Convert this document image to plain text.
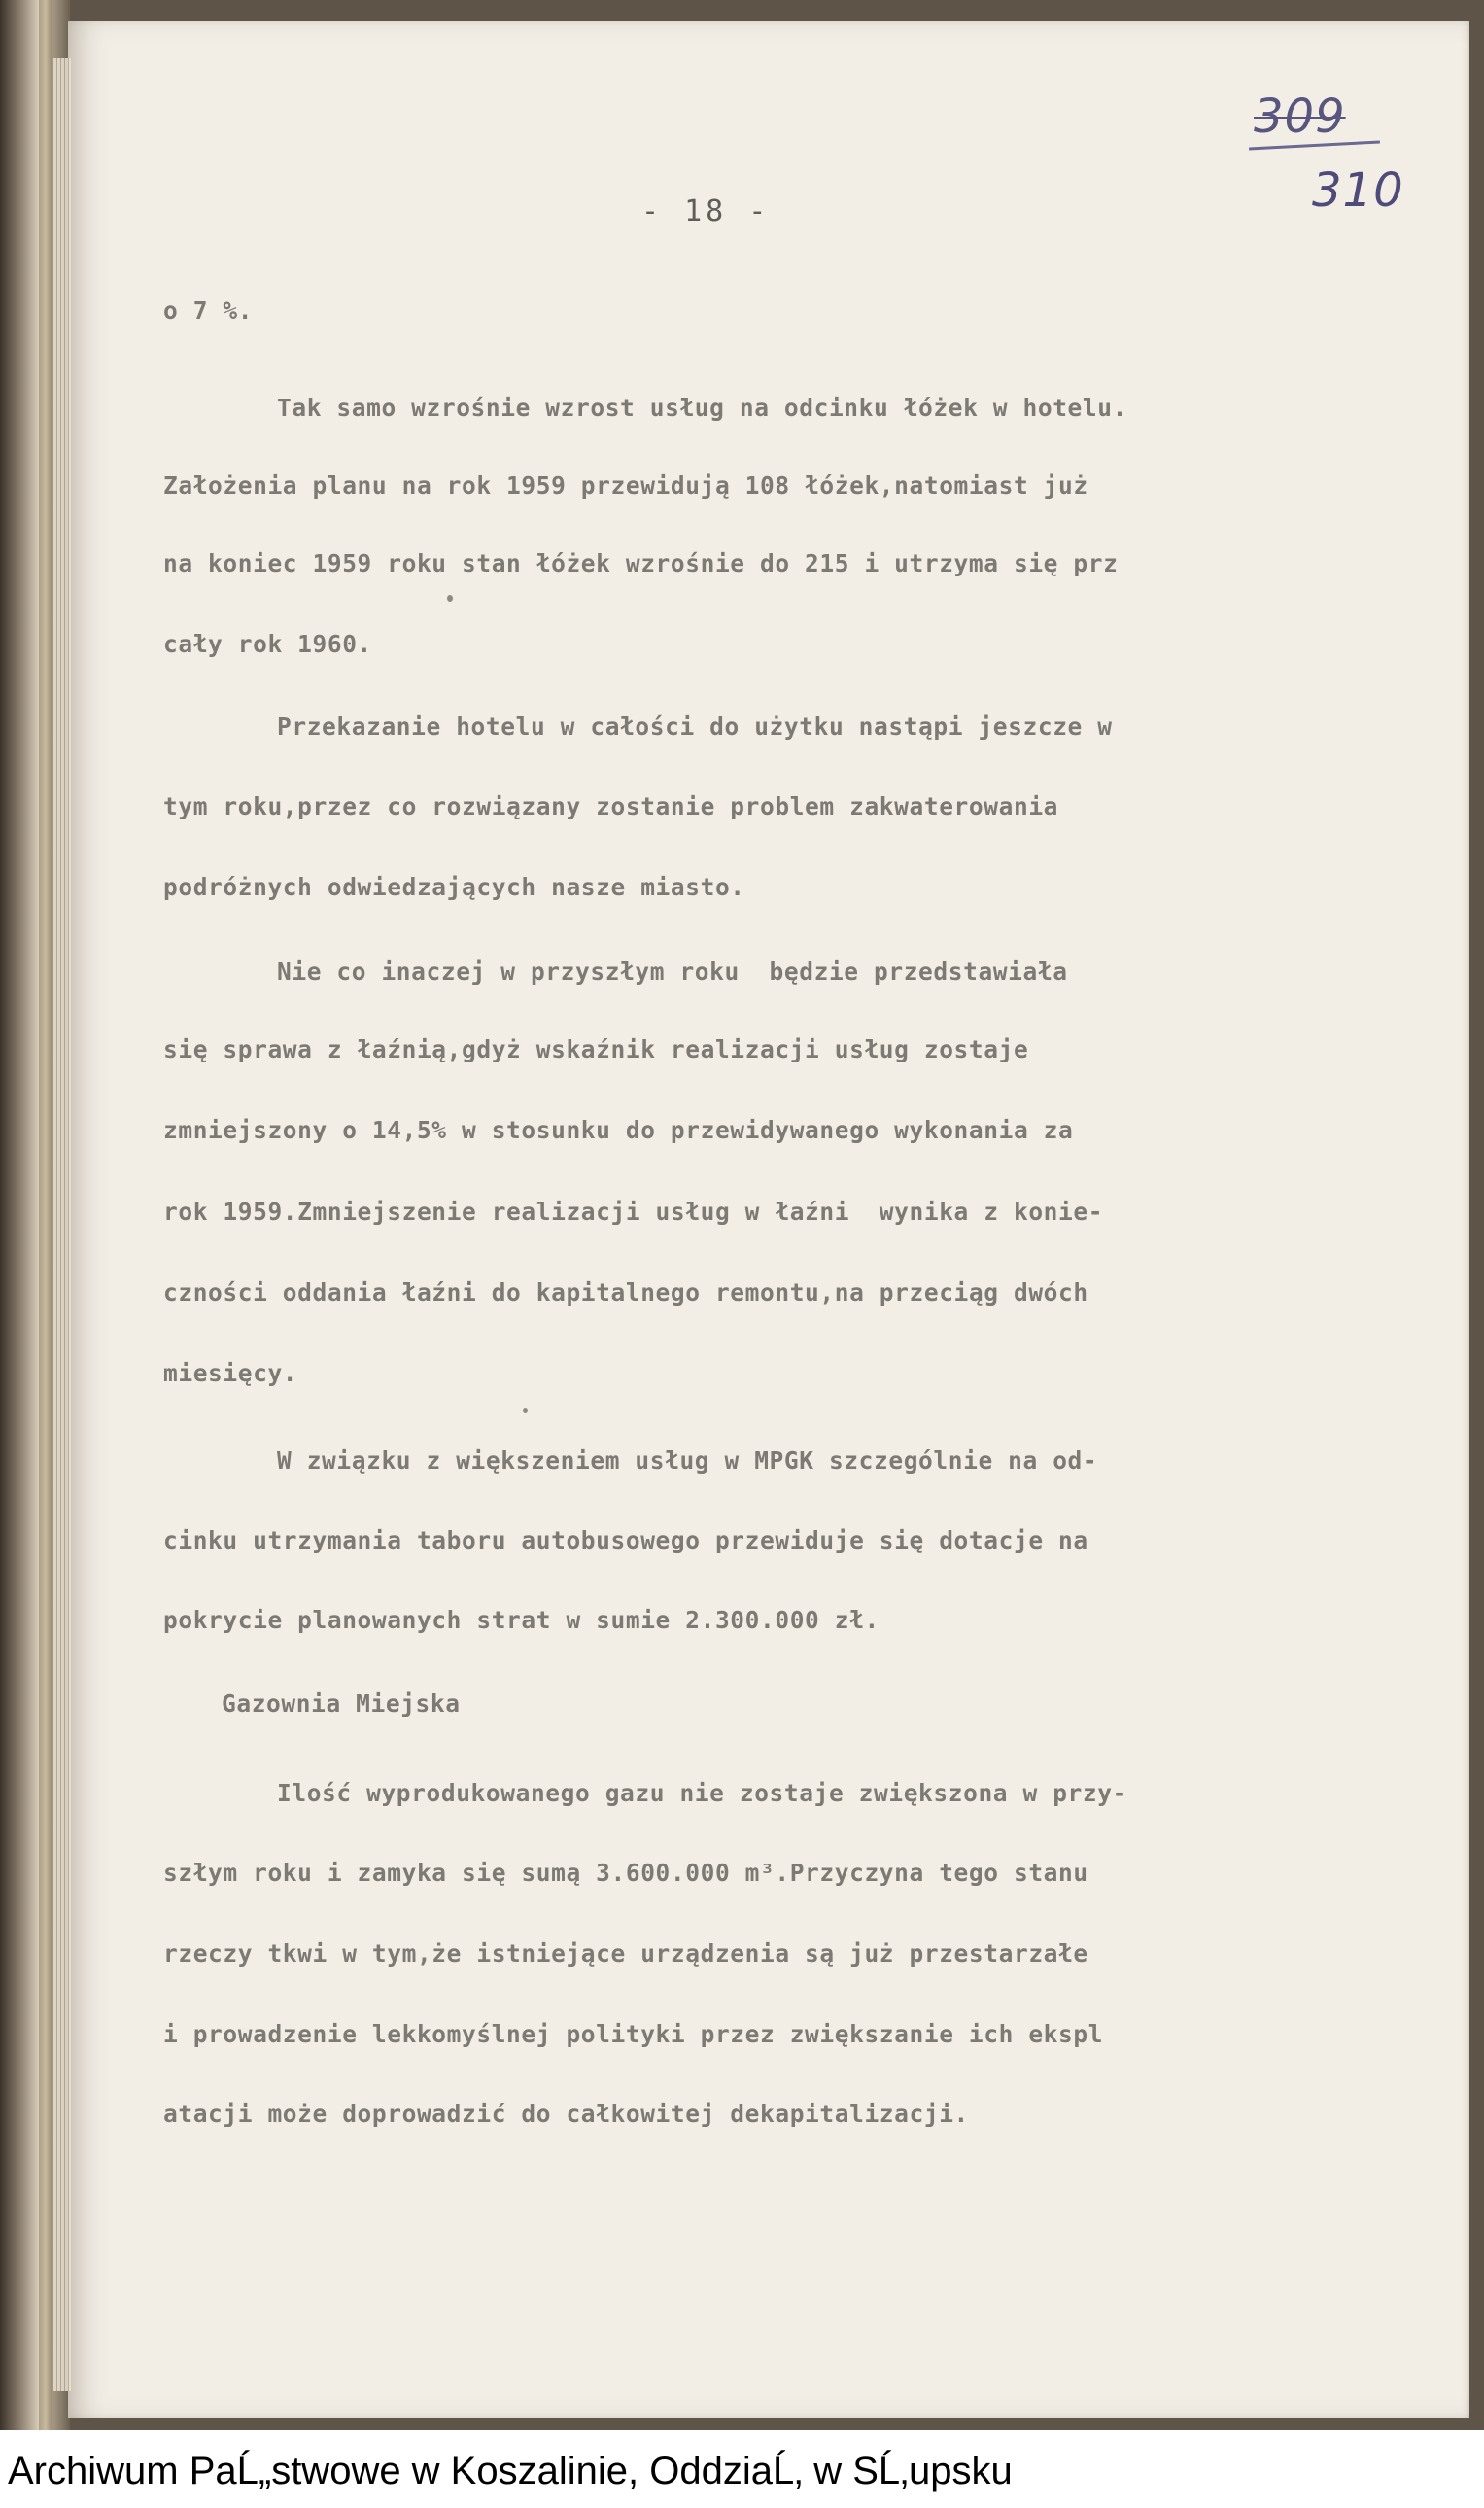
309
310
- 18 -
o 7 %.
Tak samo wzrośnie wzrost usług na odcinku łóżek w hotelu.
Założenia planu na rok 1959 przewidują 108 łóżek,natomiast już
na koniec 1959 roku stan łóżek wzrośnie do 215 i utrzyma się prz
cały rok 1960.
Przekazanie hotelu w całości do użytku nastąpi jeszcze w
tym roku,przez co rozwiązany zostanie problem zakwaterowania
podróżnych odwiedzających nasze miasto.
Nie co inaczej w przyszłym roku  będzie przedstawiała
się sprawa z łaźnią,gdyż wskaźnik realizacji usług zostaje
zmniejszony o 14,5% w stosunku do przewidywanego wykonania za
rok 1959.Zmniejszenie realizacji usług w łaźni  wynika z konie-
czności oddania łaźni do kapitalnego remontu,na przeciąg dwóch
miesięcy.
W związku z większeniem usług w MPGK szczególnie na od-
cinku utrzymania taboru autobusowego przewiduje się dotacje na
pokrycie planowanych strat w sumie 2.300.000 zł.
Gazownia Miejska
Ilość wyprodukowanego gazu nie zostaje zwiększona w przy-
szłym roku i zamyka się sumą 3.600.000 m³.Przyczyna tego stanu
rzeczy tkwi w tym,że istniejące urządzenia są już przestarzałe
i prowadzenie lekkomyślnej polityki przez zwiększanie ich ekspl
atacji może doprowadzić do całkowitej dekapitalizacji.
Archiwum PaĹ„stwowe w Koszalinie, OddziaĹ‚ w SĹ‚upsku
